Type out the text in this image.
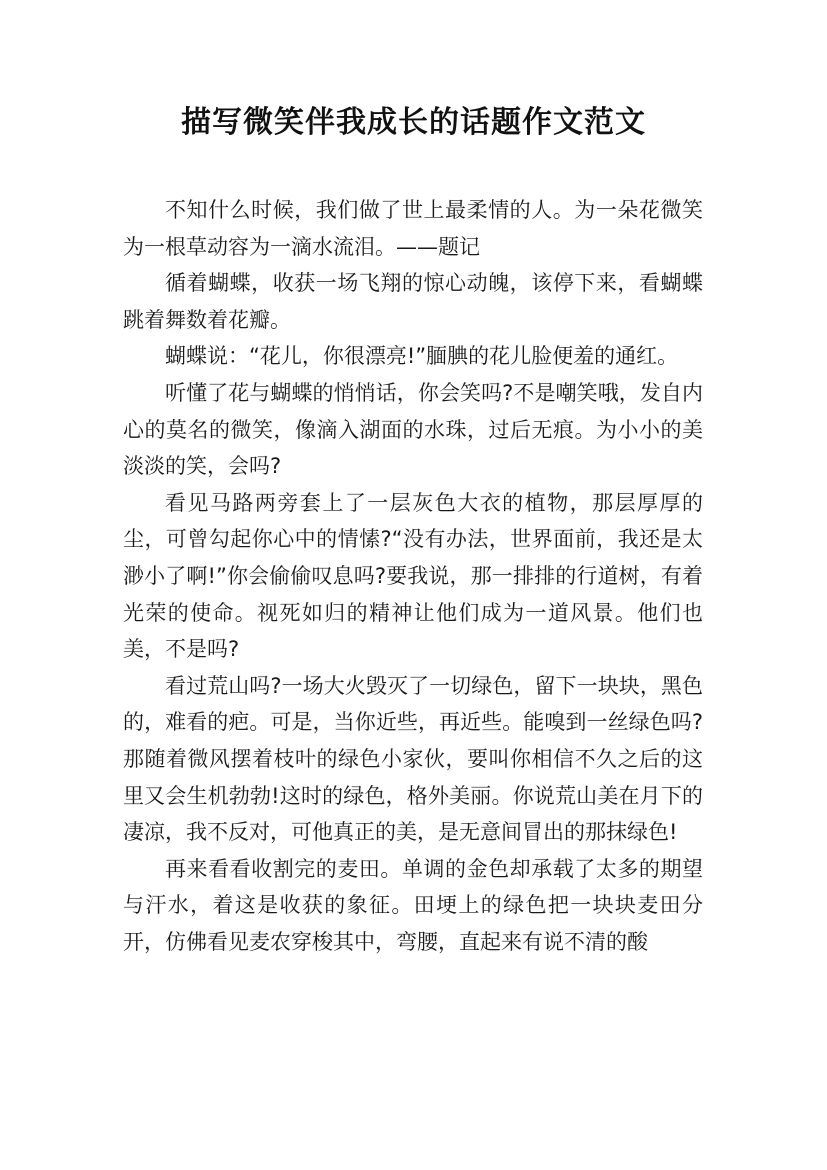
描写微笑伴我成长的话题作文范文

不知什么时候，我们做了世上最柔情的人。为一朵花微笑为一根草动容为一滴水流泪。——题记

循着蝴蝶，收获一场飞翔的惊心动魄，该停下来，看蝴蝶跳着舞数着花瓣。

蝴蝶说：“花儿，你很漂亮!”腼腆的花儿脸便羞的通红。

听懂了花与蝴蝶的悄悄话，你会笑吗?不是嘲笑哦，发自内心的莫名的微笑，像滴入湖面的水珠，过后无痕。为小小的美淡淡的笑，会吗?

看见马路两旁套上了一层灰色大衣的植物，那层厚厚的尘，可曾勾起你心中的情愫?“没有办法，世界面前，我还是太渺小了啊!”你会偷偷叹息吗?要我说，那一排排的行道树，有着光荣的使命。视死如归的精神让他们成为一道风景。他们也美，不是吗?

看过荒山吗?一场大火毁灭了一切绿色，留下一块块，黑色的，难看的疤。可是，当你近些，再近些。能嗅到一丝绿色吗?那随着微风摆着枝叶的绿色小家伙，要叫你相信不久之后的这里又会生机勃勃!这时的绿色，格外美丽。你说荒山美在月下的凄凉，我不反对，可他真正的美，是无意间冒出的那抹绿色!

再来看看收割完的麦田。单调的金色却承载了太多的期望与汗水，着这是收获的象征。田埂上的绿色把一块块麦田分开，仿佛看见麦农穿梭其中，弯腰，直起来有说不清的酸
